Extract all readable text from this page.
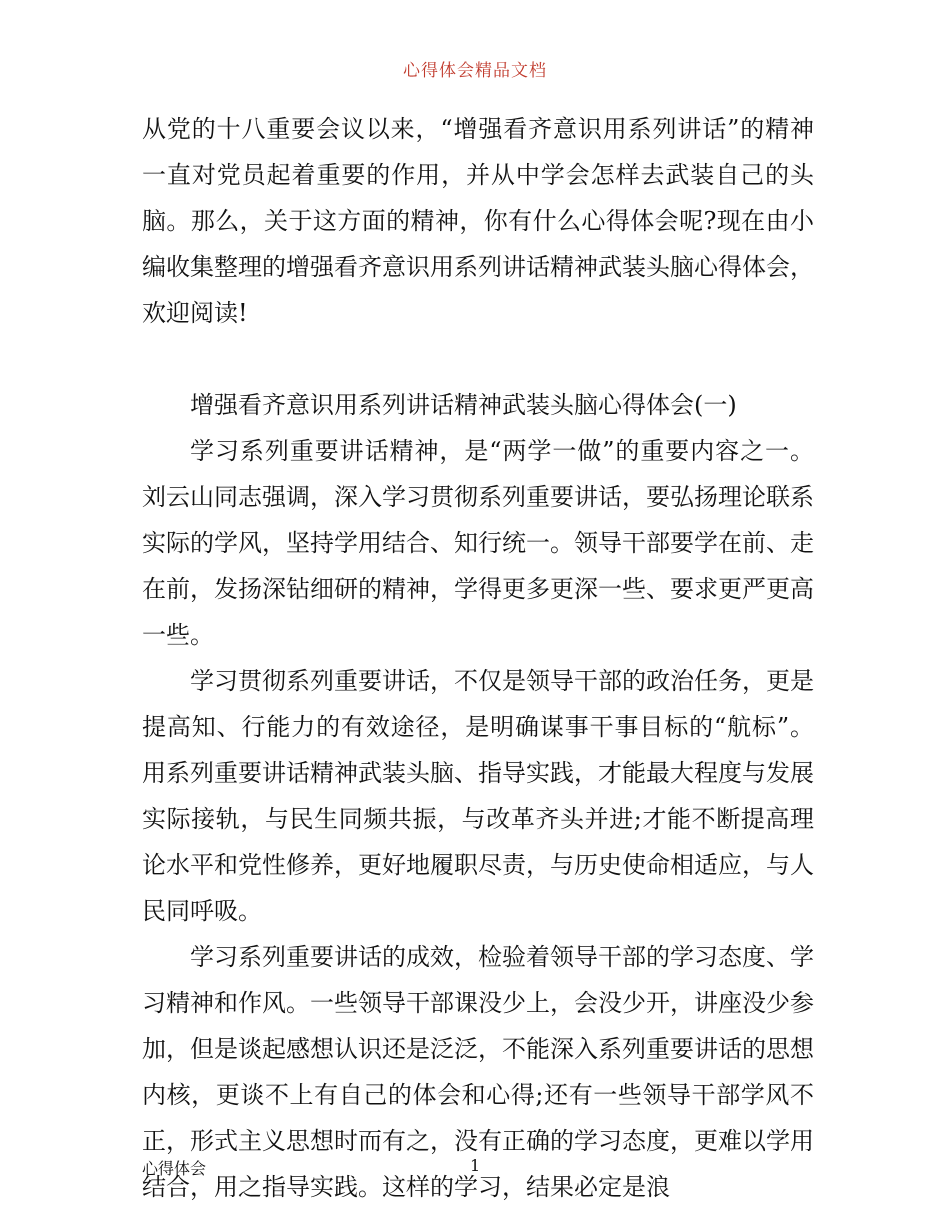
心得体会精品文档

从党的十八重要会议以来，“增强看齐意识用系列讲话”的精神一直对党员起着重要的作用，并从中学会怎样去武装自己的头脑。那么，关于这方面的精神，你有什么心得体会呢?现在由小编收集整理的增强看齐意识用系列讲话精神武装头脑心得体会，欢迎阅读!

增强看齐意识用系列讲话精神武装头脑心得体会(一)

学习系列重要讲话精神，是“两学一做”的重要内容之一。刘云山同志强调，深入学习贯彻系列重要讲话，要弘扬理论联系实际的学风，坚持学用结合、知行统一。领导干部要学在前、走在前，发扬深钻细研的精神，学得更多更深一些、要求更严更高一些。

学习贯彻系列重要讲话，不仅是领导干部的政治任务，更是提高知、行能力的有效途径，是明确谋事干事目标的“航标”。用系列重要讲话精神武装头脑、指导实践，才能最大程度与发展实际接轨，与民生同频共振，与改革齐头并进;才能不断提高理论水平和党性修养，更好地履职尽责，与历史使命相适应，与人民同呼吸。

学习系列重要讲话的成效，检验着领导干部的学习态度、学习精神和作风。一些领导干部课没少上，会没少开，讲座没少参加，但是谈起感想认识还是泛泛，不能深入系列重要讲话的思想内核，更谈不上有自己的体会和心得;还有一些领导干部学风不正，形式主义思想时而有之，没有正确的学习态度，更难以学用结合，用之指导实践。这样的学习，结果必定是浪

心得体会	1
